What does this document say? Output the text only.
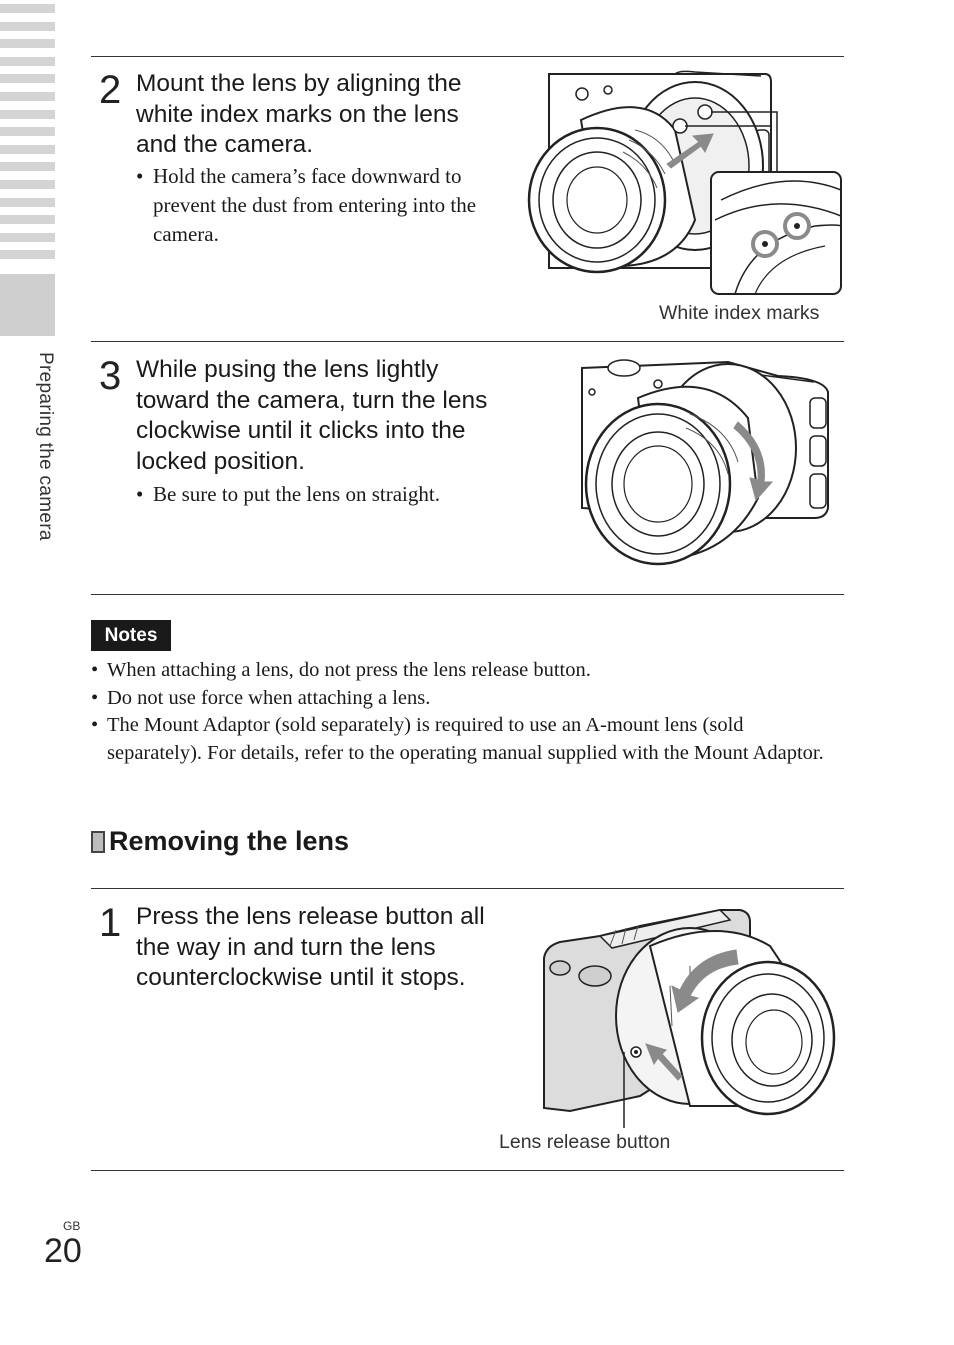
Preparing the camera
2 Mount the lens by aligning the white index marks on the lens and the camera.
• Hold the camera’s face downward to prevent the dust from entering into the camera.
White index marks
3 While pusing the lens lightly toward the camera, turn the lens clockwise until it clicks into the locked position.
• Be sure to put the lens on straight.
Notes
• When attaching a lens, do not press the lens release button.
• Do not use force when attaching a lens.
• The Mount Adaptor (sold separately) is required to use an A-mount lens (sold separately). For details, refer to the operating manual supplied with the Mount Adaptor.
Removing the lens
1 Press the lens release button all the way in and turn the lens counterclockwise until it stops.
Lens release button
GB
20
